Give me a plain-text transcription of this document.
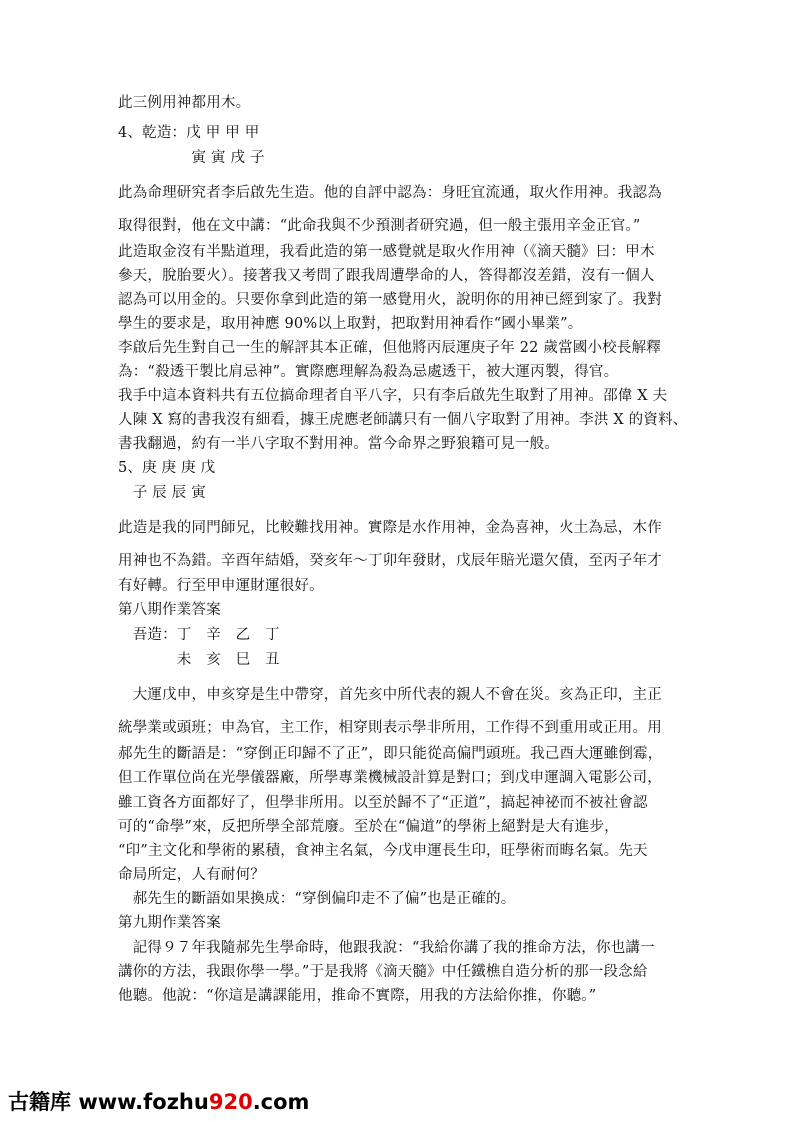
此三例用神都用木。

4、乾造：戊 甲 甲 甲

　　　　　寅 寅 戌 子

此為命理研究者李后啟先生造。他的自評中認為：身旺宜流通，取火作用神。我認為

取得很對，他在文中講：“此命我與不少預測者研究過，但一般主張用辛金正官。”

此造取金沒有半點道理，我看此造的第一感覺就是取火作用神（《滴天髓》曰：甲木

參天，脫胎要火）。接著我又考問了跟我周遭學命的人，答得都沒差錯，沒有一個人

認為可以用金的。只要你拿到此造的第一感覺用火，說明你的用神已經到家了。我對

學生的要求是，取用神應 90%以上取對，把取對用神看作“國小畢業”。

李啟后先生對自己一生的解評其本正確，但他將丙辰運庚子年 22 歲當國小校長解釋

為：“殺透干製比肩忌神”。實際應理解為殺為忌處透干，被大運丙製，得官。

我手中這本資料共有五位搞命理者自平八字，只有李后啟先生取對了用神。邵偉 X 夫

人陳 X 寫的書我沒有細看，據王虎應老師講只有一個八字取對了用神。李洪 X 的資料、

書我翻過，約有一半八字取不對用神。當今命界之野狼籍可見一般。

5、庚 庚 庚 戊

　子 辰 辰 寅

此造是我的同門師兄，比較難找用神。實際是水作用神，金為喜神，火土為忌，木作

用神也不為錯。辛酉年結婚，癸亥年～丁卯年發財，戊辰年賠光還欠債，至丙子年才

有好轉。行至甲申運財運很好。

第八期作業答案

　吾造：丁　辛　乙　丁

　　　　未　亥　巳　丑

　大運戊申，申亥穿是生中帶穿，首先亥中所代表的親人不會在災。亥為正印，主正

統學業或頭班；申為官，主工作，相穿則表示學非所用，工作得不到重用或正用。用

郝先生的斷語是：“穿倒正印歸不了正”，即只能從高偏門頭班。我己酉大運雖倒霉，

但工作單位尚在光學儀器廠，所學專業機械設計算是對口；到戊申運調入電影公司，

雖工資各方面都好了，但學非所用。以至於歸不了“正道”，搞起神祕而不被社會認

可的“命學”來，反把所學全部荒廢。至於在“偏道”的學術上絕對是大有進步，

“印”主文化和學術的累積，食神主名氣，今戊申運長生印，旺學術而晦名氣。先天

命局所定，人有耐何？

　郝先生的斷語如果換成：“穿倒偏印走不了偏”也是正確的。

第九期作業答案

　記得９７年我隨郝先生學命時，他跟我說：“我給你講了我的推命方法，你也講一

講你的方法，我跟你學一學。”于是我將《滴天髓》中任鐵樵自造分析的那一段念給

他聽。他說：“你這是講課能用，推命不實際，用我的方法給你推，你聽。”

古籍库 www.fozhu920.com
